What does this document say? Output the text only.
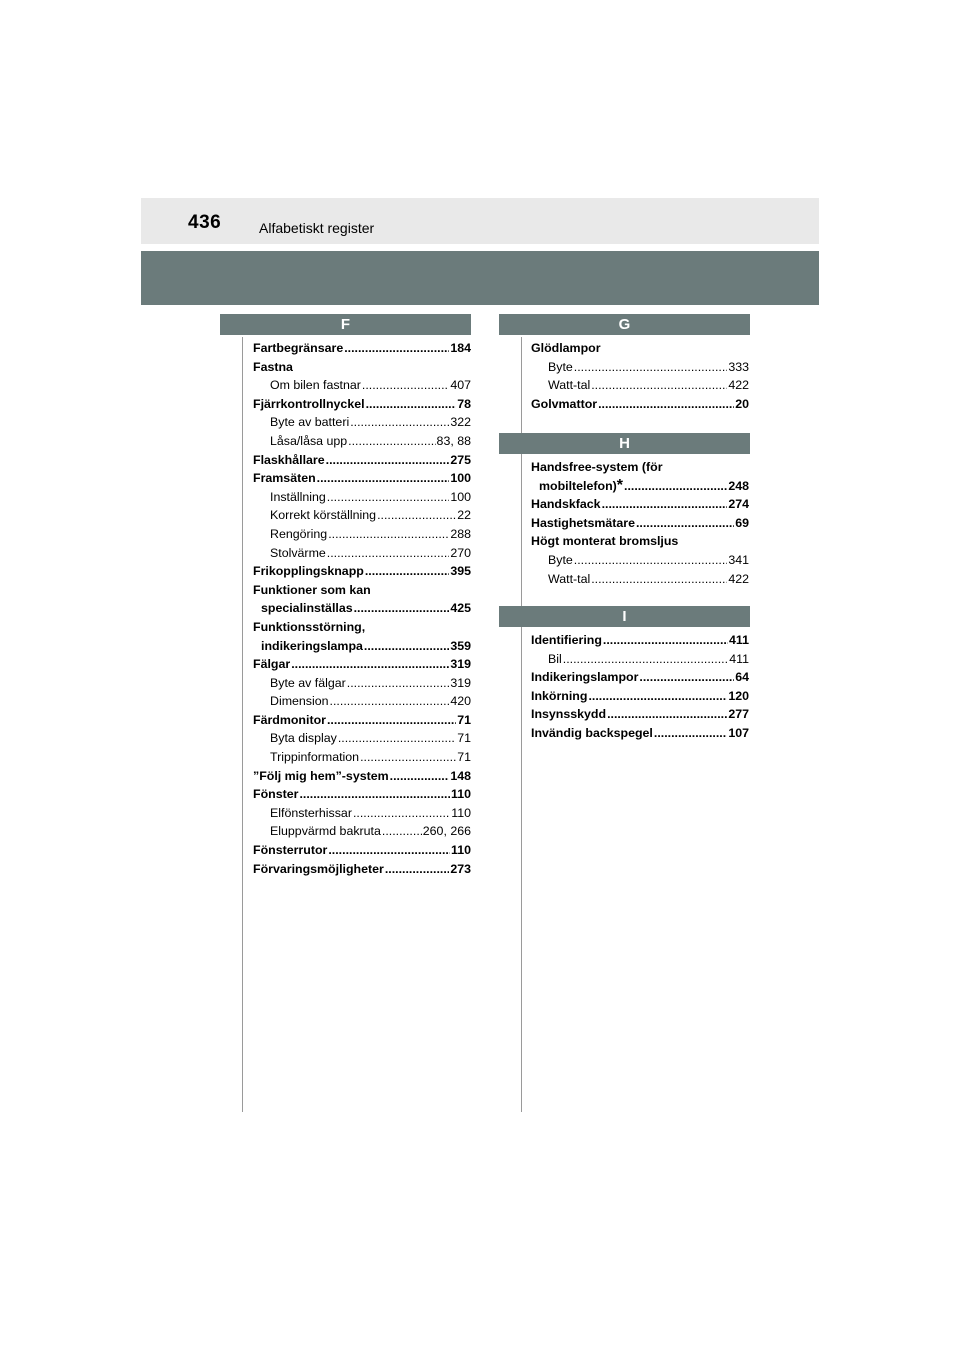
436	Alfabetiskt register
F
Fartbegränsare .....	184
Fastna
Om bilen fastnar .....	407
Fjärrkontrollnyckel .....	78
Byte av batteri .....	322
Låsa/låsa upp .....	83, 88
Flaskhållare .....	275
Framsäten .....	100
Inställning .....	100
Korrekt körställning .....	22
Rengöring .....	288
Stolvärme .....	270
Frikopplingsknapp .....	395
Funktioner som kan
specialinställas .....	425
Funktionsstörning,
indikeringslampa .....	359
Fälgar .....	319
Byte av fälgar .....	319
Dimension .....	420
Färdmonitor .....	71
Byta display .....	71
Trippinformation .....	71
”Följ mig hem”-system .....	148
Fönster .....	110
Elfönsterhissar .....	110
Eluppvärmd bakruta .....	260, 266
Fönsterrutor .....	110
Förvaringsmöjligheter .....	273
G
Glödlampor
Byte .....	333
Watt-tal .....	422
Golvmattor .....	20
H
Handsfree-system (för
mobiltelefon) * .....	248
Handskfack .....	274
Hastighetsmätare .....	69
Högt monterat bromsljus
Byte .....	341
Watt-tal .....	422
I
Identifiering .....	411
Bil .....	411
Indikeringslampor .....	64
Inkörning .....	120
Insynsskydd .....	277
Invändig backspegel .....	107
